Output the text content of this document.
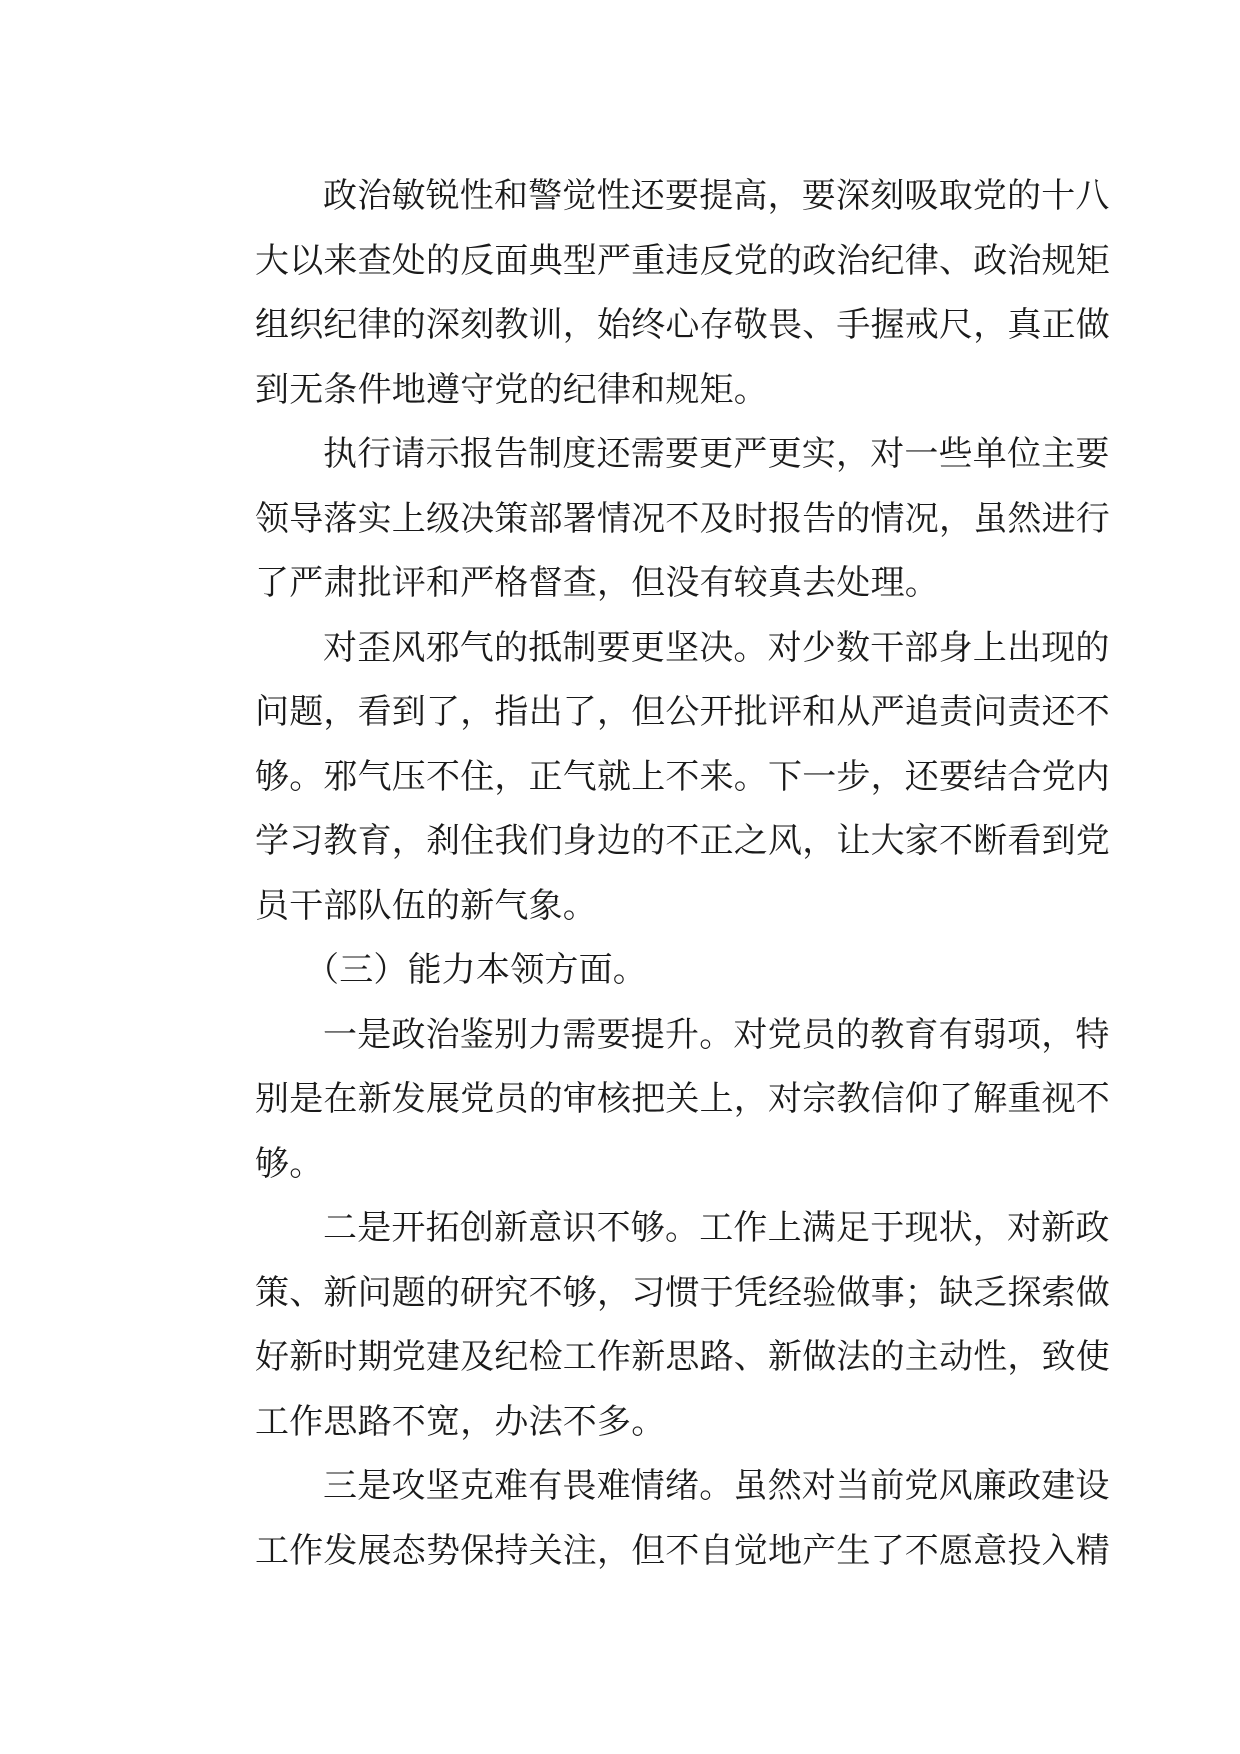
政治敏锐性和警觉性还要提高，要深刻吸取党的十八
大以来查处的反面典型严重违反党的政治纪律、政治规矩
组织纪律的深刻教训，始终心存敬畏、手握戒尺，真正做
到无条件地遵守党的纪律和规矩。
执行请示报告制度还需要更严更实，对一些单位主要
领导落实上级决策部署情况不及时报告的情况，虽然进行
了严肃批评和严格督查，但没有较真去处理。
对歪风邪气的抵制要更坚决。对少数干部身上出现的
问题，看到了，指出了，但公开批评和从严追责问责还不
够。邪气压不住，正气就上不来。下一步，还要结合党内
学习教育，刹住我们身边的不正之风，让大家不断看到党
员干部队伍的新气象。
（三）能力本领方面。
一是政治鉴别力需要提升。对党员的教育有弱项，特
别是在新发展党员的审核把关上，对宗教信仰了解重视不
够。
二是开拓创新意识不够。工作上满足于现状，对新政
策、新问题的研究不够，习惯于凭经验做事；缺乏探索做
好新时期党建及纪检工作新思路、新做法的主动性，致使
工作思路不宽，办法不多。
三是攻坚克难有畏难情绪。虽然对当前党风廉政建设
工作发展态势保持关注，但不自觉地产生了不愿意投入精
